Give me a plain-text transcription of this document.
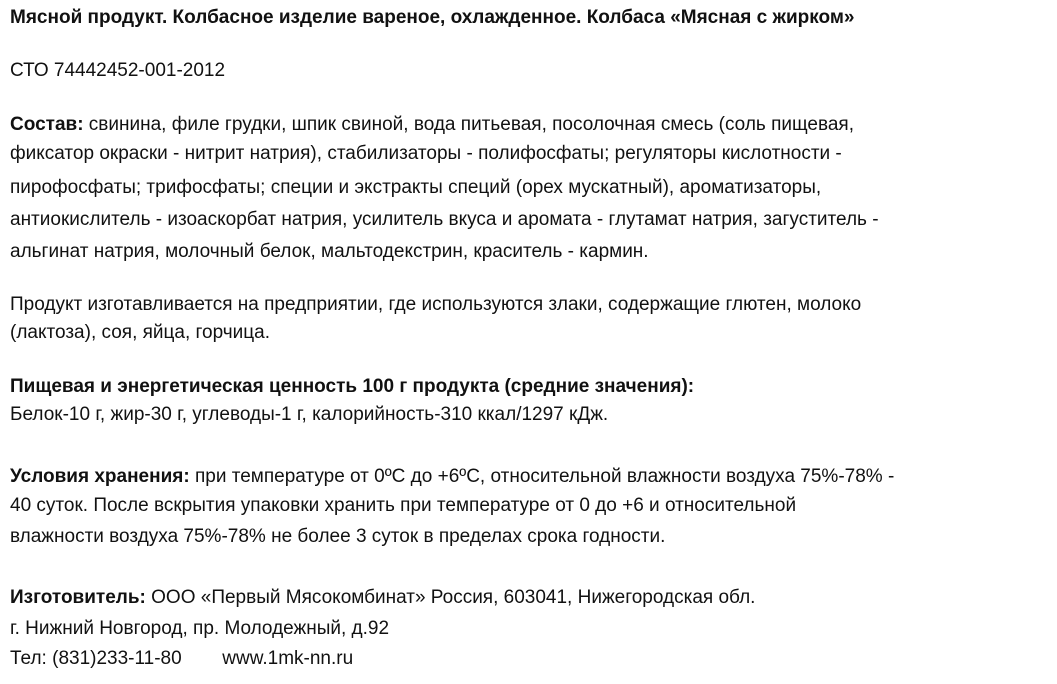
Мясной продукт. Колбасное изделие вареное, охлажденное. Колбаса «Мясная с жирком»
СТО 74442452-001-2012
Состав: свинина, филе грудки, шпик свиной, вода питьевая, посолочная смесь (соль пищевая,
фиксатор окраски - нитрит натрия), стабилизаторы - полифосфаты; регуляторы кислотности -
пирофосфаты; трифосфаты; специи и экстракты специй (орех мускатный), ароматизаторы,
антиокислитель - изоаскорбат натрия, усилитель вкуса и аромата - глутамат натрия, загуститель -
альгинат натрия, молочный белок, мальтодекстрин, краситель - кармин.
Продукт изготавливается на предприятии, где используются злаки, содержащие глютен, молоко
(лактоза), соя, яйца, горчица.
Пищевая и энергетическая ценность 100 г продукта (средние значения):
Белок-10 г, жир-30 г, углеводы-1 г, калорийность-310 ккал/1297 кДж.
Условия хранения: при температуре от 0ºС до +6ºС, относительной влажности воздуха 75%-78% -
40 суток. После вскрытия упаковки хранить при температуре от 0 до +6 и относительной
влажности воздуха 75%-78% не более 3 суток в пределах срока годности.
Изготовитель: ООО «Первый Мясокомбинат» Россия, 603041, Нижегородская обл.
г. Нижний Новгород, пр. Молодежный, д.92
Тел: (831)233-11-80 www.1mk-nn.ru
